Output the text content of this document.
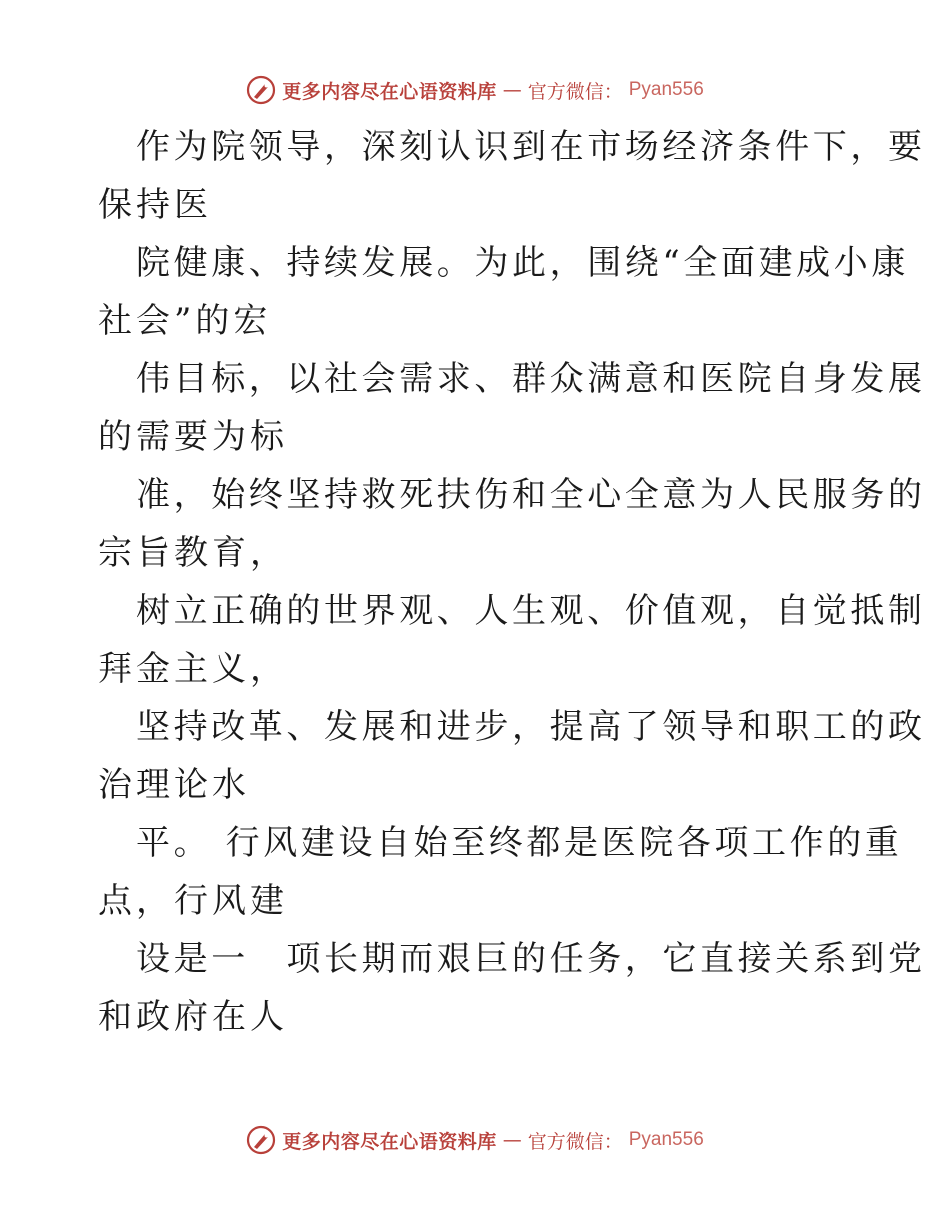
更多内容尽在心语资料库 — 官方微信： Pyan556
作为院领导，深刻认识到在市场经济条件下，要
保持医
院健康、持续发展。为此，围绕“全面建成小康
社会”的宏
伟目标，以社会需求、群众满意和医院自身发展
的需要为标
准，始终坚持救死扶伤和全心全意为人民服务的
宗旨教育，
树立正确的世界观、人生观、价值观，自觉抵制
拜金主义，
坚持改革、发展和进步，提高了领导和职工的政
治理论水
平。 行风建设自始至终都是医院各项工作的重
点，行风建
设是一　项长期而艰巨的任务，它直接关系到党
和政府在人
更多内容尽在心语资料库 — 官方微信： Pyan556
